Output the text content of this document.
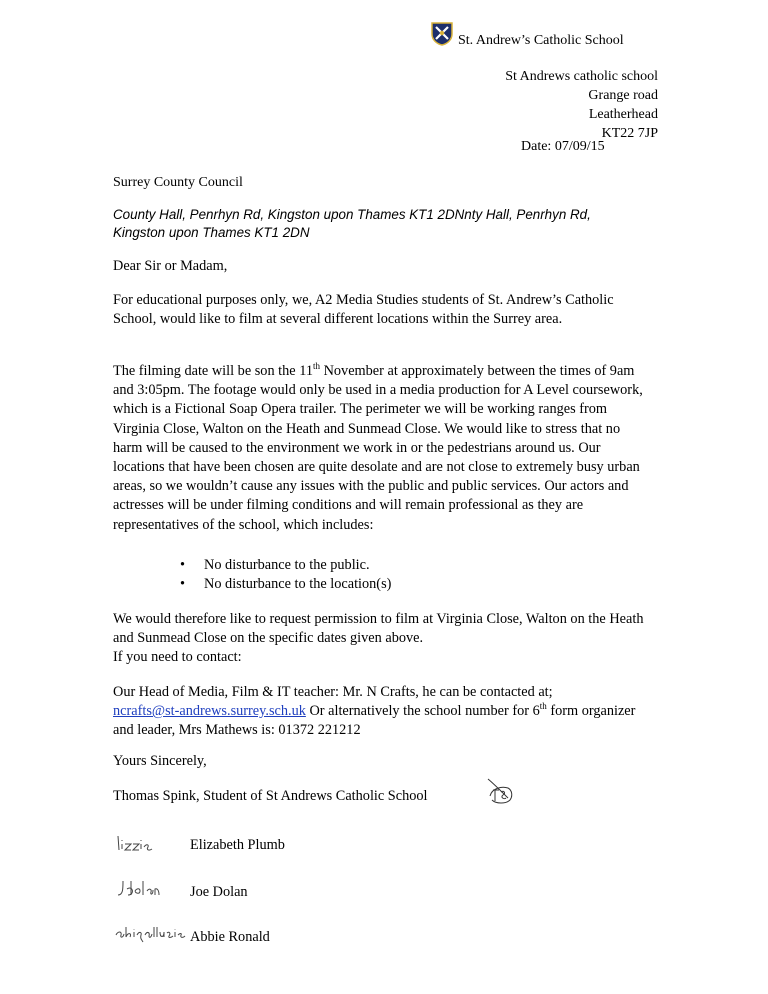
St. Andrew’s Catholic School
St Andrews catholic school
Grange road
Leatherhead
KT22 7JP
Date: 07/09/15
Surrey County Council

County Hall, Penrhyn Rd, Kingston upon Thames KT1 2DNnty Hall, Penrhyn Rd, Kingston upon Thames KT1 2DN

Dear Sir or Madam,

For educational purposes only, we, A2 Media Studies students of St. Andrew’s Catholic School, would like to film at several different locations within the Surrey area.

The filming date will be son the 11th November at approximately between the times of 9am and 3:05pm. The footage would only be used in a media production for A Level coursework, which is a Fictional Soap Opera trailer. The perimeter we will be working ranges from Virginia Close, Walton on the Heath and Sunmead Close. We would like to stress that no harm will be caused to the environment we work in or the pedestrians around us. Our locations that have been chosen are quite desolate and are not close to extremely busy urban areas, so we wouldn’t cause any issues with the public and public services. Our actors and actresses will be under filming conditions and will remain professional as they are representatives of the school, which includes:

• No disturbance to the public.
• No disturbance to the location(s)

We would therefore like to request permission to film at Virginia Close, Walton on the Heath and Sunmead Close on the specific dates given above.

If you need to contact:

Our Head of Media, Film & IT teacher: Mr. N Crafts, he can be contacted at;
ncrafts@st-andrews.surrey.sch.uk Or alternatively the school number for 6th form organizer and leader, Mrs Mathews is: 01372 221212

Yours Sincerely,

Thomas Spink, Student of St Andrews Catholic School

Elizabeth Plumb
Joe Dolan
Abbie Ronald
